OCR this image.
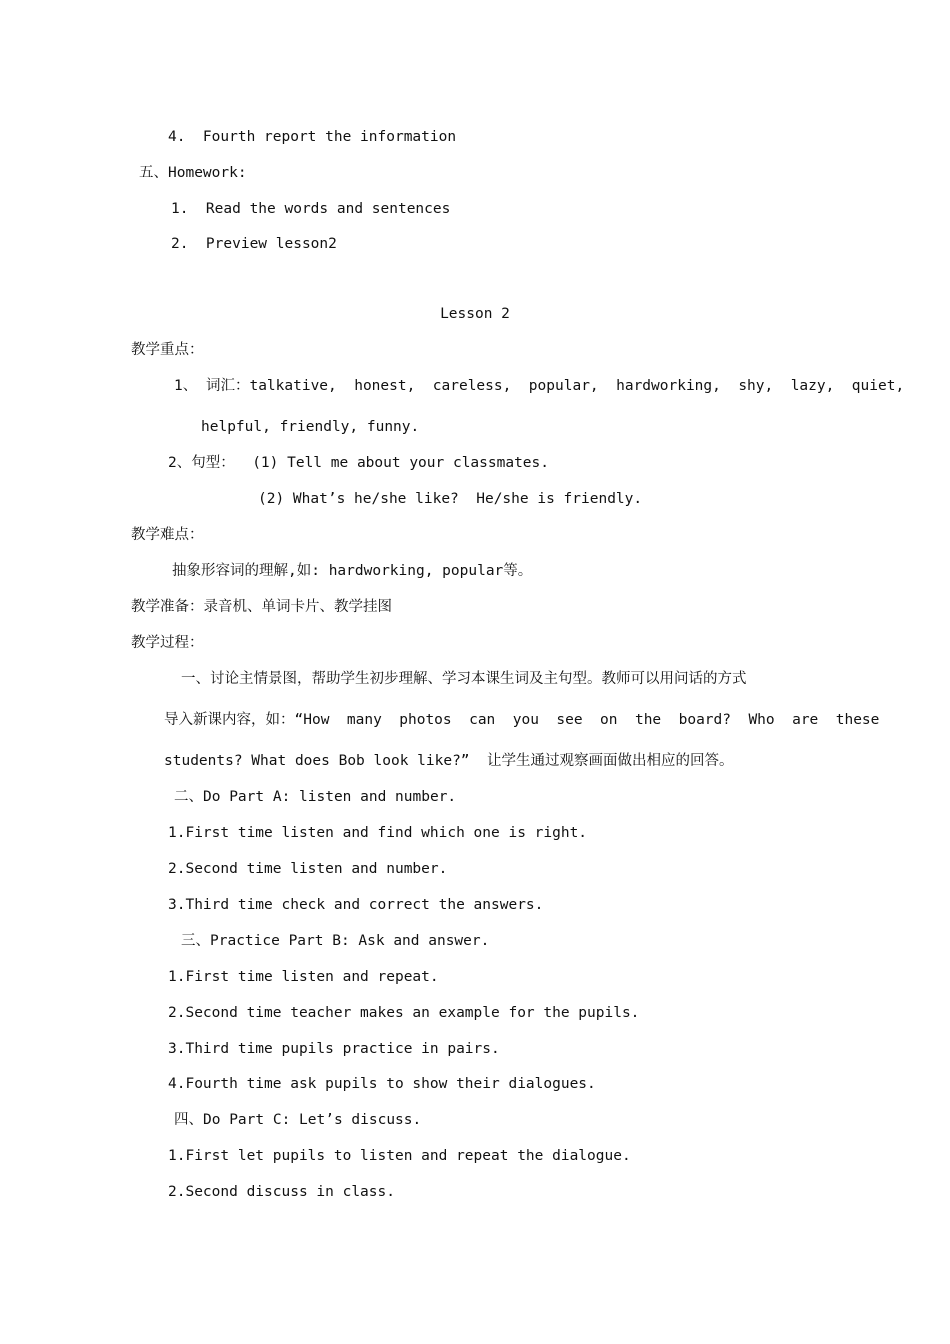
4.  Fourth report the information

五、Homework:

1.  Read the words and sentences

2.  Preview lesson2

Lesson 2

教学重点：

1、 词汇：talkative,  honest,  careless,  popular,  hardworking,  shy,  lazy,  quiet,

helpful, friendly, funny.

2、句型：  (1) Tell me about your classmates.

(2) What’s he/she like?  He/she is friendly.

教学难点：

抽象形容词的理解,如: hardworking, popular等。

教学准备：录音机、单词卡片、教学挂图

教学过程：

一、讨论主情景图，帮助学生初步理解、学习本课生词及主句型。教师可以用问话的方式

导入新课内容，如：“How  many  photos  can  you  see  on  the  board?  Who  are  these

students? What does Bob look like?”  让学生通过观察画面做出相应的回答。

二、Do Part A: listen and number.

1.First time listen and find which one is right.

2.Second time listen and number.

3.Third time check and correct the answers.

三、Practice Part B: Ask and answer.

1.First time listen and repeat.

2.Second time teacher makes an example for the pupils.

3.Third time pupils practice in pairs.

4.Fourth time ask pupils to show their dialogues.

四、Do Part C: Let’s discuss.

1.First let pupils to listen and repeat the dialogue.

2.Second discuss in class.
